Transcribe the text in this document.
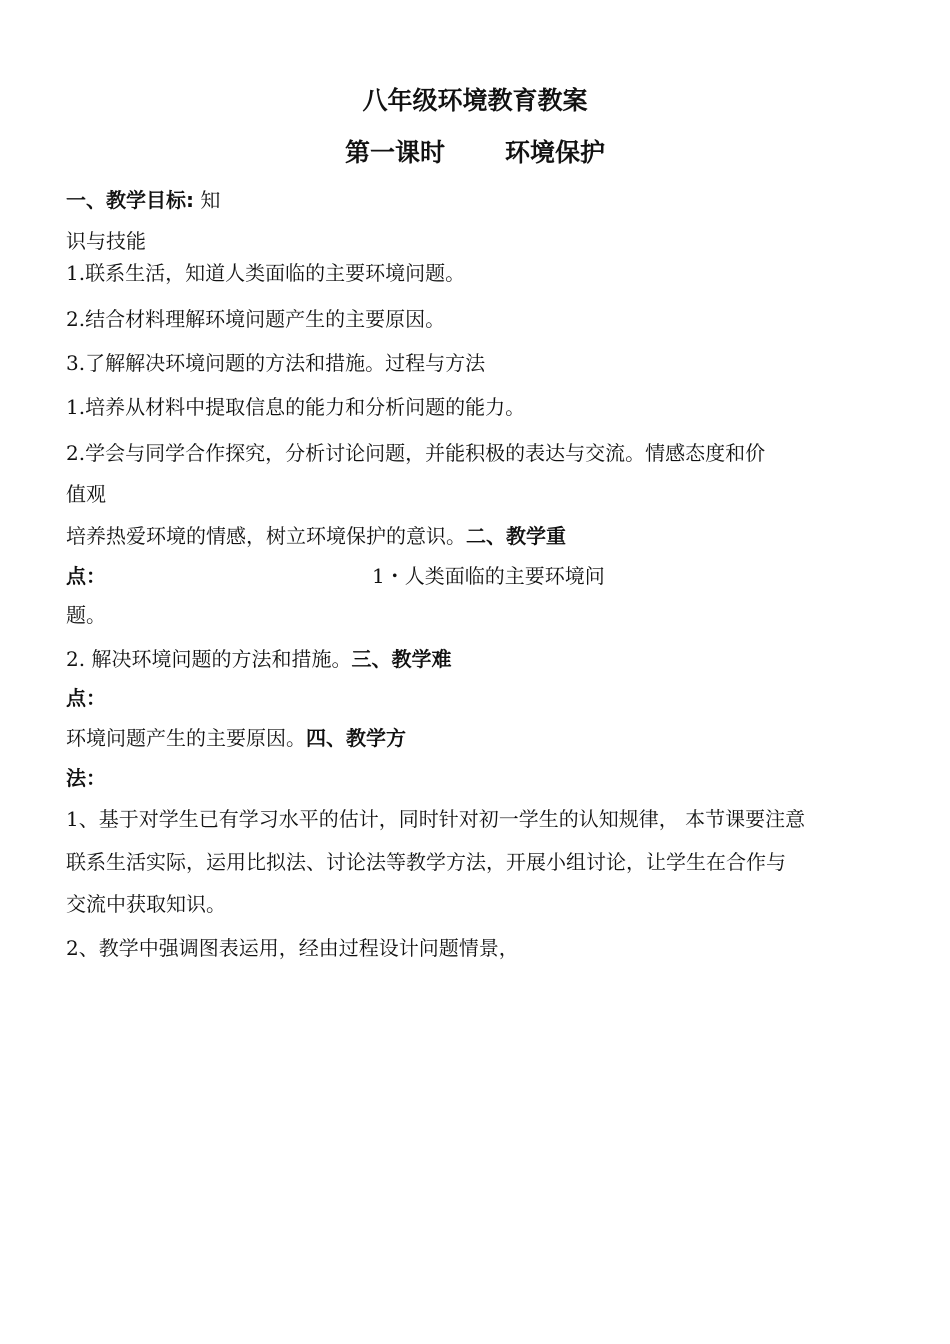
八年级环境教育教案
第一课时 环境保护
一、教学目标: 知
识与技能
1.联系生活，知道人类面临的主要环境问题。
2.结合材料理解环境问题产生的主要原因。
3.了解解决环境问题的方法和措施。过程与方法
1.培养从材料中提取信息的能力和分析问题的能力。
2.学会与同学合作探究，分析讨论问题，并能积极的表达与交流。情感态度和价
值观
培养热爱环境的情感，树立环境保护的意识。二、教学重
点：	1・人类面临的主要环境问
题。
2. 解决环境问题的方法和措施。三、教学难
点：
环境问题产生的主要原因。四、教学方
法：
1、基于对学生已有学习水平的估计，同时针对初一学生的认知规律， 本节课要注意
联系生活实际，运用比拟法、讨论法等教学方法，开展小组讨论，让学生在合作与
交流中获取知识。
2、教学中强调图表运用，经由过程设计问题情景，
